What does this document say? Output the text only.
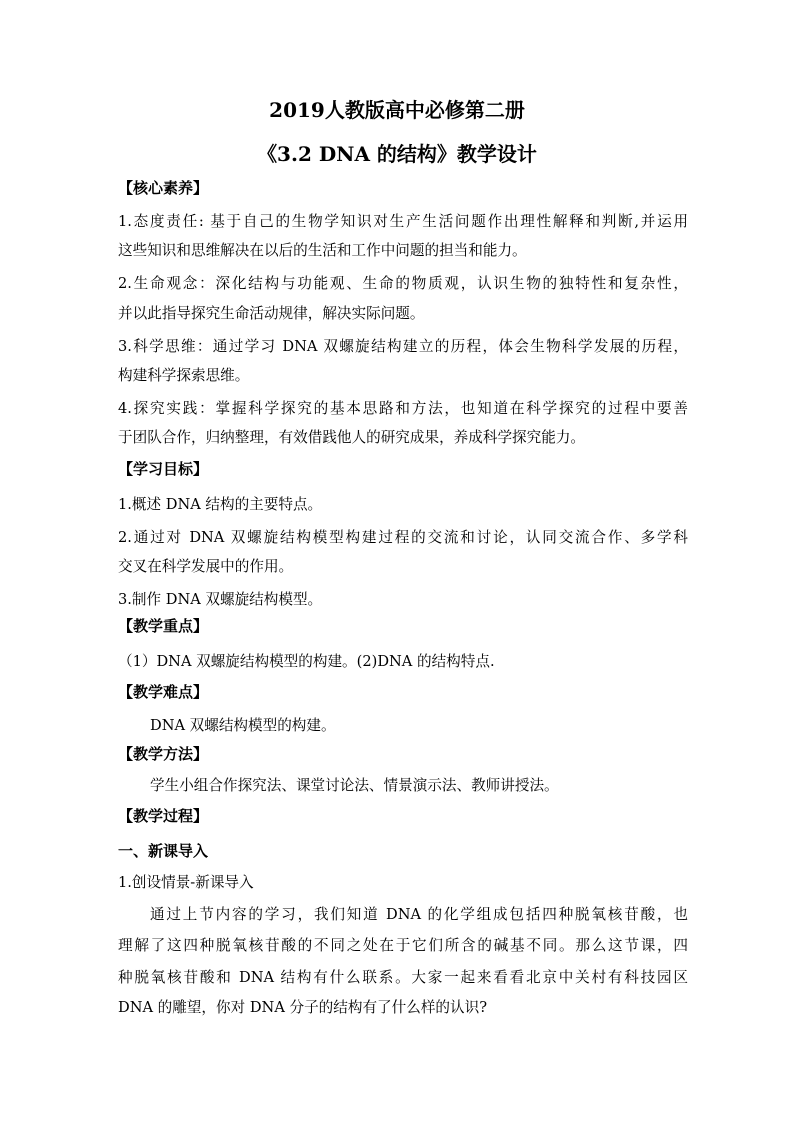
2019人教版高中必修第二册
《3.2 DNA 的结构》教学设计
【核心素养】
1.态度责任: 基于自己的生物学知识对生产生活问题作出理性解释和判断,并运用
这些知识和思维解决在以后的生活和工作中问题的担当和能力。
2.生命观念：深化结构与功能观、生命的物质观，认识生物的独特性和复杂性，
并以此指导探究生命活动规律，解决实际问题。
3.科学思维：通过学习 DNA 双螺旋结构建立的历程，体会生物科学发展的历程，
构建科学探索思维。
4.探究实践：掌握科学探究的基本思路和方法，也知道在科学探究的过程中要善
于团队合作，归纳整理，有效借践他人的研究成果，养成科学探究能力。
【学习目标】
1.概述 DNA 结构的主要特点。
2.通过对 DNA 双螺旋结构模型构建过程的交流和讨论，认同交流合作、多学科
交叉在科学发展中的作用。
3.制作 DNA 双螺旋结构模型。
【教学重点】
（1）DNA 双螺旋结构模型的构建。(2)DNA 的结构特点.
【教学难点】
DNA 双螺结构模型的构建。
【教学方法】
学生小组合作探究法、课堂讨论法、情景演示法、教师讲授法。
【教学过程】
一、新课导入
1.创设情景-新课导入
通过上节内容的学习，我们知道 DNA 的化学组成包括四种脱氧核苷酸，也
理解了这四种脱氧核苷酸的不同之处在于它们所含的碱基不同。那么这节课，四
种脱氧核苷酸和 DNA 结构有什么联系。大家一起来看看北京中关村有科技园区
DNA 的雕望，你对 DNA 分子的结构有了什么样的认识?
